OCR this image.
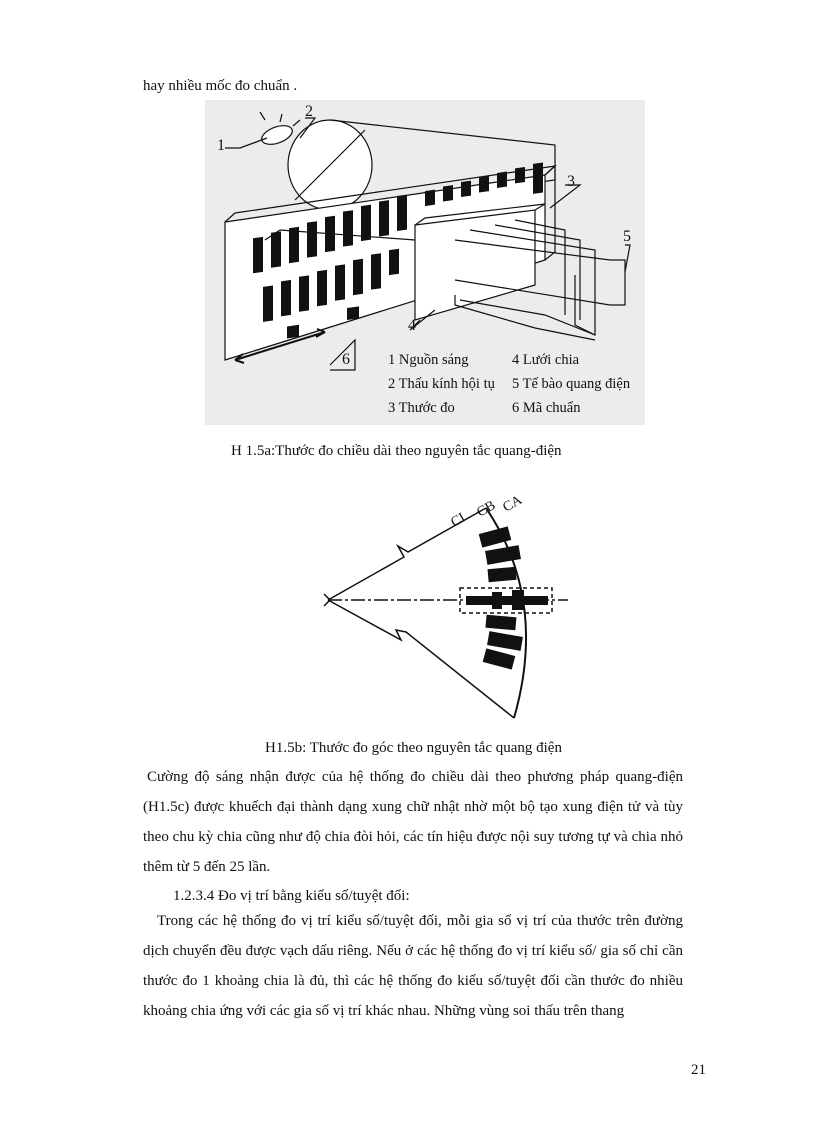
hay nhiều mốc đo chuẩn .
1
2
3
4
5
6	1 Nguồn sáng	4 Lưới chia
2 Thấu kính hội tụ 5 Tế bào quang điện
3 Thước đo	6 Mã chuẩn
H 1.5a:Thước đo chiều dài theo nguyên tắc quang-điện
CI
CB CA
H1.5b: Thước đo góc theo nguyên tắc quang điện
Cường độ sáng nhận được của hệ thống đo chiều dài theo phương pháp quang-điện (H1.5c) được khuếch đại thành dạng xung chữ nhật nhờ một bộ tạo xung điện tử và tùy theo chu kỳ chia cũng như độ chia đòi hỏi, các tín hiệu được nội suy tương tự và chia nhỏ thêm từ 5 đến 25 lần.
1.2.3.4 Đo vị trí bằng kiểu số/tuyệt đối:
Trong các hệ thống đo vị trí kiểu số/tuyệt đối, mỗi gia số vị trí của thước trên đường dịch chuyển đều được vạch dấu riêng. Nếu ở các hệ thống đo vị trí kiểu số/ gia số chỉ cần thước đo 1 khoảng chia là đủ, thì các hệ thống đo kiểu số/tuyệt đối cần thước đo nhiều khoảng chia ứng với các gia số vị trí khác nhau. Những vùng soi thấu trên thang
21
